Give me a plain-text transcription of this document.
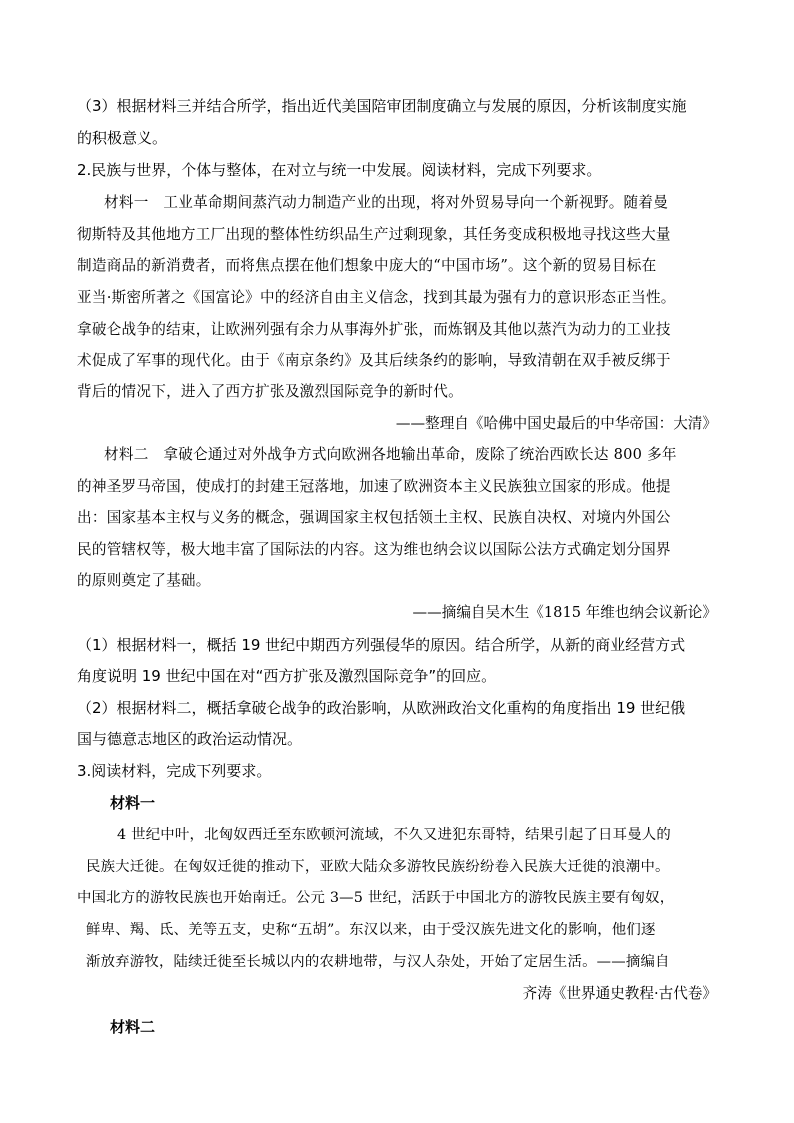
（3）根据材料三并结合所学，指出近代美国陪审团制度确立与发展的原因，分析该制度实施
的积极意义。
2.民族与世界，个体与整体，在对立与统一中发展。阅读材料，完成下列要求。
材料一　工业革命期间蒸汽动力制造产业的出现，将对外贸易导向一个新视野。随着曼
彻斯特及其他地方工厂出现的整体性纺织品生产过剩现象，其任务变成积极地寻找这些大量
制造商品的新消费者，而将焦点摆在他们想象中庞大的“中国市场”。这个新的贸易目标在
亚当·斯密所著之《国富论》中的经济自由主义信念，找到其最为强有力的意识形态正当性。
拿破仑战争的结束，让欧洲列强有余力从事海外扩张，而炼钢及其他以蒸汽为动力的工业技
术促成了军事的现代化。由于《南京条约》及其后续条约的影响，导致清朝在双手被反绑于
背后的情况下，进入了西方扩张及激烈国际竞争的新时代。
——整理自《哈佛中国史最后的中华帝国：大清》
材料二　拿破仑通过对外战争方式向欧洲各地输出革命，废除了统治西欧长达 800 多年
的神圣罗马帝国，使成打的封建王冠落地，加速了欧洲资本主义民族独立国家的形成。他提
出：国家基本主权与义务的概念，强调国家主权包括领土主权、民族自决权、对境内外国公
民的管辖权等，极大地丰富了国际法的内容。这为维也纳会议以国际公法方式确定划分国界
的原则奠定了基础。
——摘编自吴木生《1815 年维也纳会议新论》
（1）根据材料一，概括 19 世纪中期西方列强侵华的原因。结合所学，从新的商业经营方式
角度说明 19 世纪中国在对“西方扩张及激烈国际竞争”的回应。
（2）根据材料二，概括拿破仑战争的政治影响，从欧洲政治文化重构的角度指出 19 世纪俄
国与德意志地区的政治运动情况。
3.阅读材料，完成下列要求。
材料一
4 世纪中叶，北匈奴西迁至东欧顿河流域，不久又进犯东哥特，结果引起了日耳曼人的
民族大迁徙。在匈奴迁徙的推动下，亚欧大陆众多游牧民族纷纷卷入民族大迁徙的浪潮中。
中国北方的游牧民族也开始南迁。公元 3—5 世纪，活跃于中国北方的游牧民族主要有匈奴，
鲜卑、羯、氐、羌等五支，史称“五胡”。东汉以来，由于受汉族先进文化的影响，他们逐
渐放弃游牧，陆续迁徙至长城以内的农耕地带，与汉人杂处，开始了定居生活。——摘编自
齐涛《世界通史教程·古代卷》
材料二
